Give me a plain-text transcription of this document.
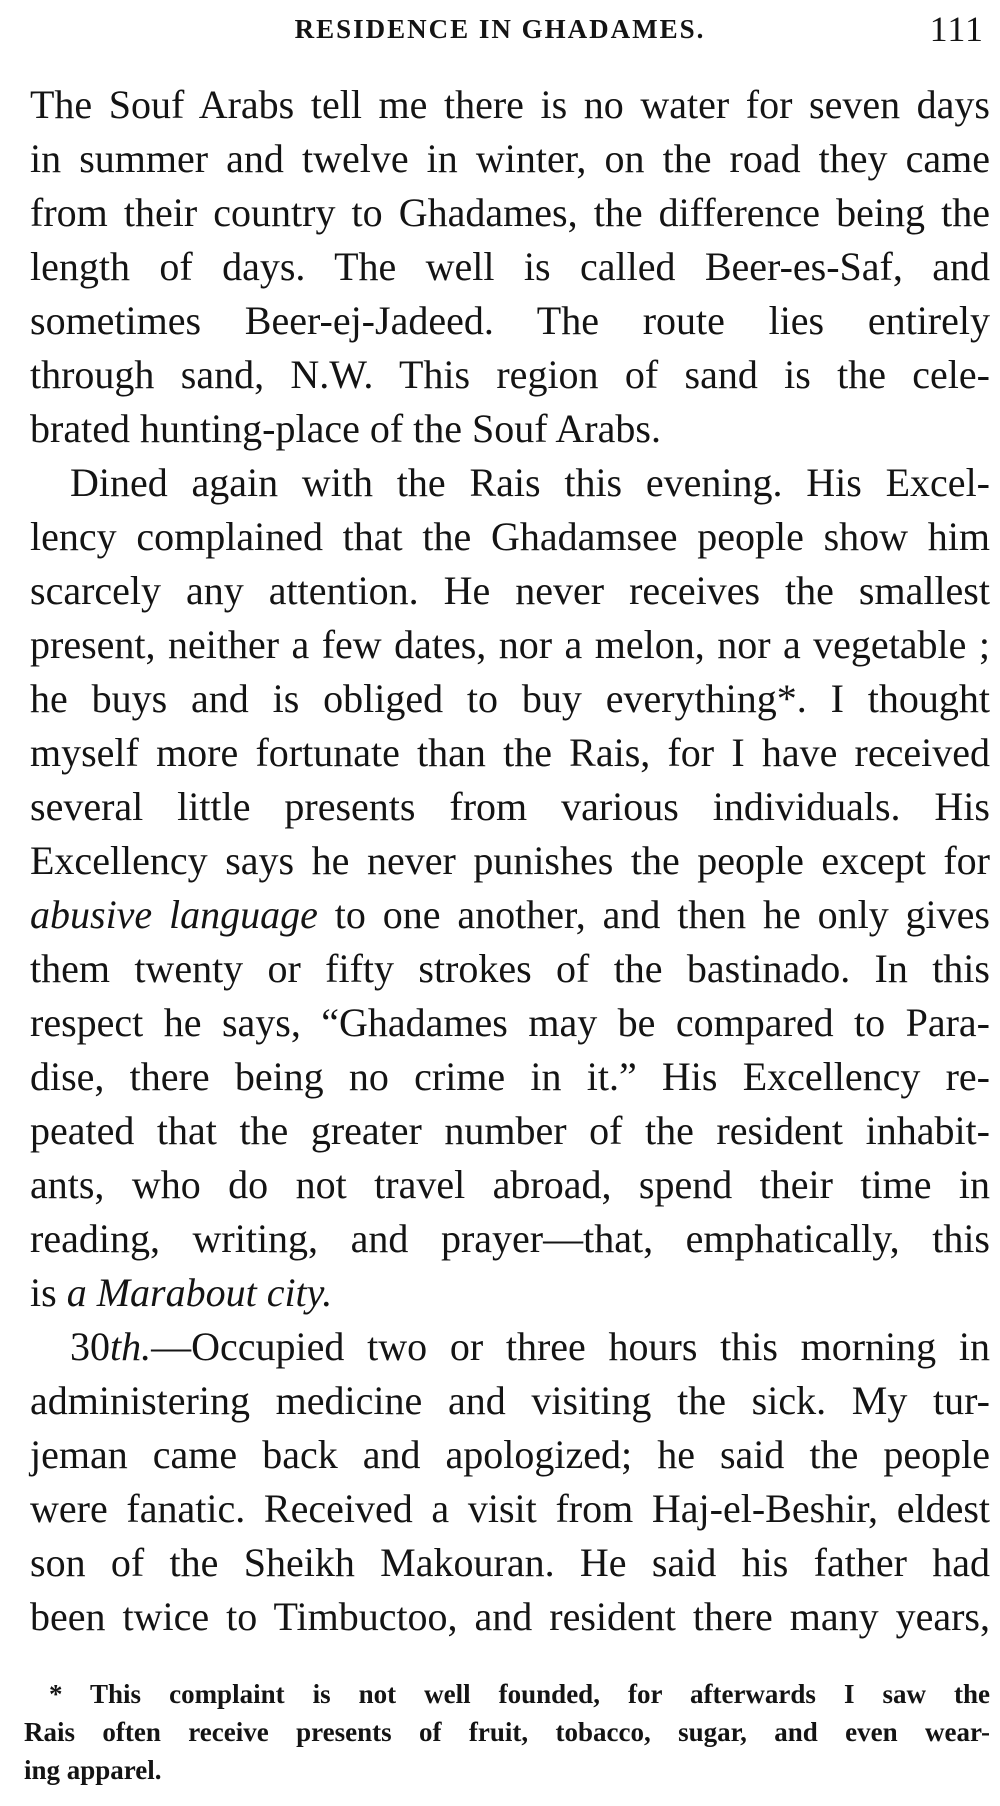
RESIDENCE IN GHADAMES.	111
The Souf Arabs tell me there is no water for seven days
in summer and twelve in winter, on the road they came
from their country to Ghadames, the difference being the
length of days. The well is called Beer-es-Saf, and
sometimes Beer-ej-Jadeed. The route lies entirely
through sand, N.W. This region of sand is the cele-
brated hunting-place of the Souf Arabs.
Dined again with the Rais this evening. His Excel-
lency complained that the Ghadamsee people show him
scarcely any attention. He never receives the smallest
present, neither a few dates, nor a melon, nor a vegetable ;
he buys and is obliged to buy everything*. I thought
myself more fortunate than the Rais, for I have received
several little presents from various individuals. His
Excellency says he never punishes the people except for
abusive language to one another, and then he only gives
them twenty or fifty strokes of the bastinado. In this
respect he says, “Ghadames may be compared to Para-
dise, there being no crime in it.” His Excellency re-
peated that the greater number of the resident inhabit-
ants, who do not travel abroad, spend their time in
reading, writing, and prayer—that, emphatically, this
is a Marabout city.
30th.—Occupied two or three hours this morning in
administering medicine and visiting the sick. My tur-
jeman came back and apologized; he said the people
were fanatic. Received a visit from Haj-el-Beshir, eldest
son of the Sheikh Makouran. He said his father had
been twice to Timbuctoo, and resident there many years,
* This complaint is not well founded, for afterwards I saw the
Rais often receive presents of fruit, tobacco, sugar, and even wear-
ing apparel.
